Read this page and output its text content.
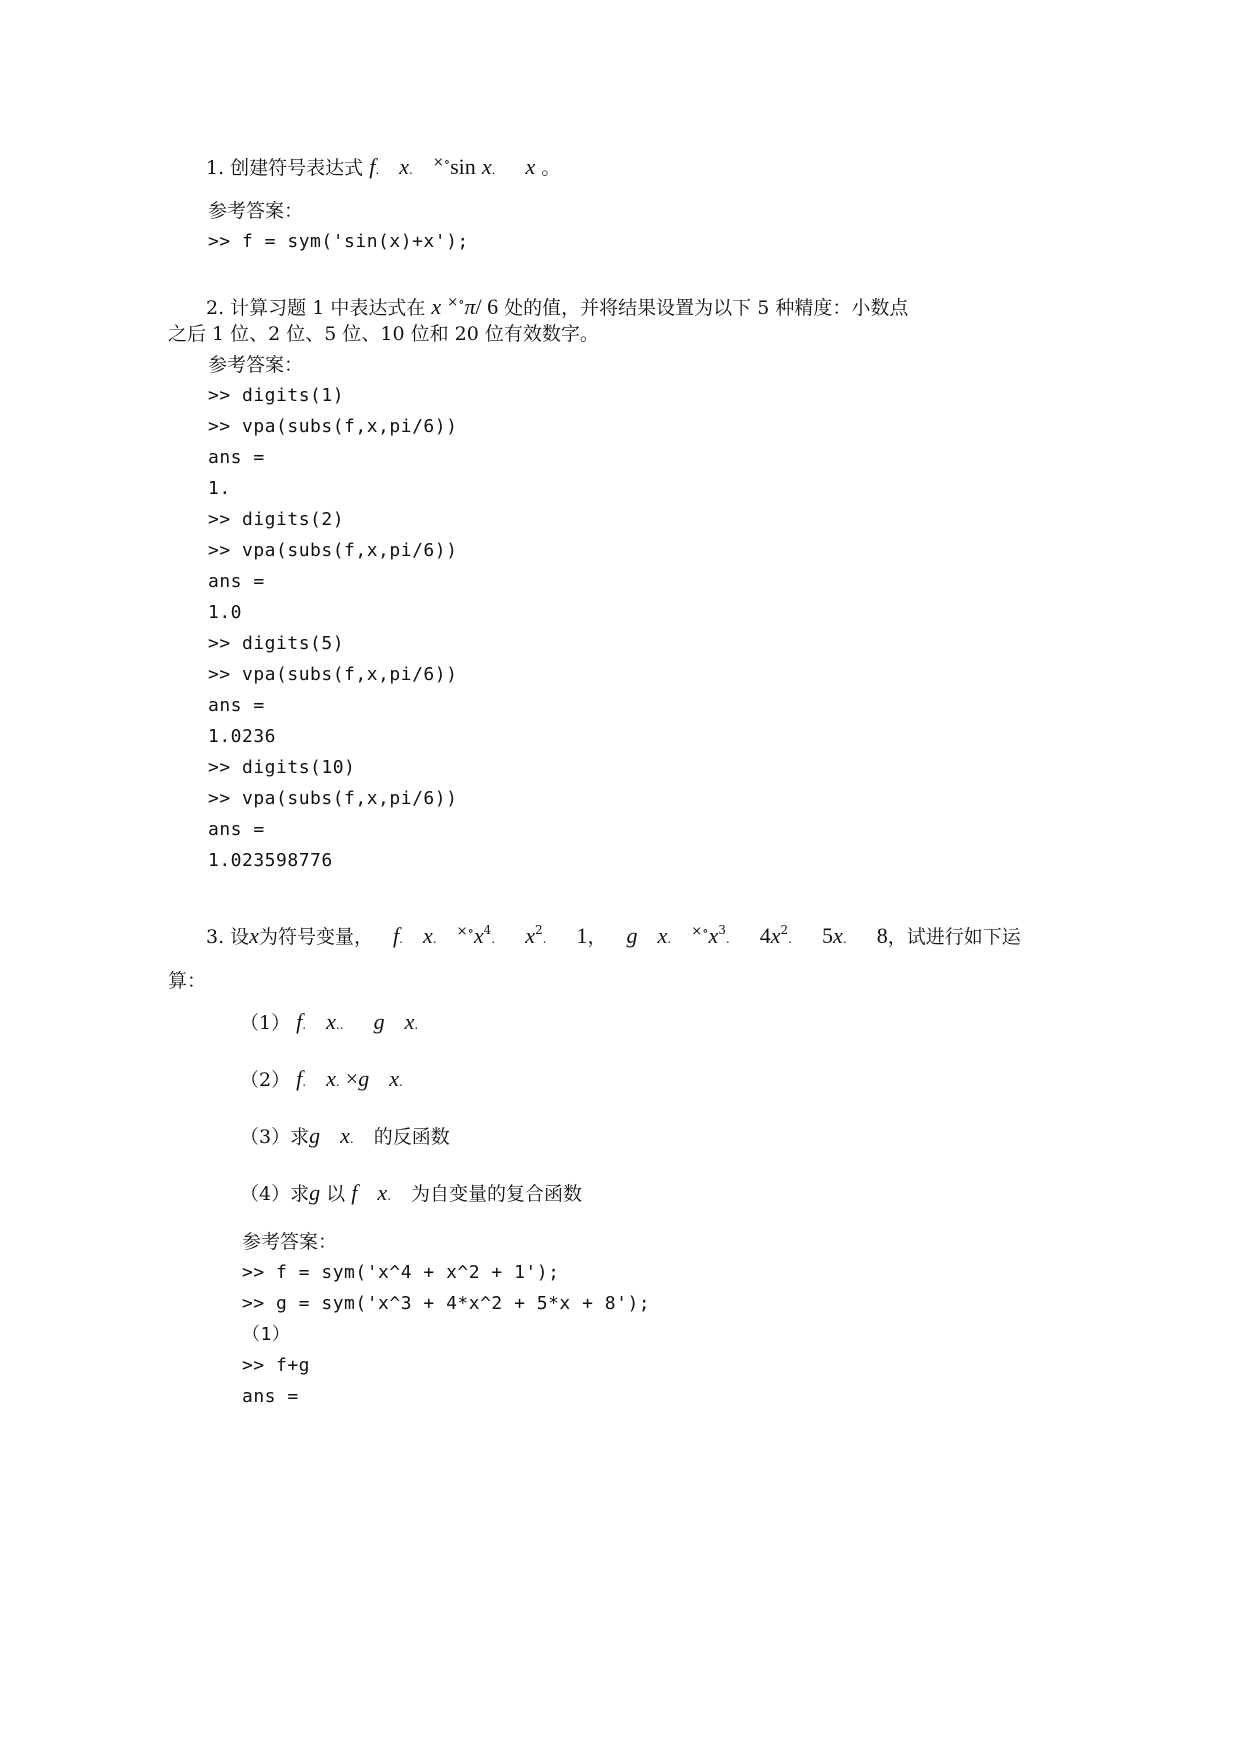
1. 创建符号表达式 f. x. ×∘sin x. x 。
参考答案：
>> f = sym('sin(x)+x');
2. 计算习题 1 中表达式在 x ×∘π/ 6 处的值，并将结果设置为以下 5 种精度：小数点
之后 1 位、2 位、5 位、10 位和 20 位有效数字。
参考答案：
>> digits(1)
>> vpa(subs(f,x,pi/6))
ans =
1.
>> digits(2)
>> vpa(subs(f,x,pi/6))
ans =
1.0
>> digits(5)
>> vpa(subs(f,x,pi/6))
ans =
1.0236
>> digits(10)
>> vpa(subs(f,x,pi/6))
ans =
1.023598776
3. 设x为符号变量， f. x. $^{\times\circ}x^4$. $x^2$. 1， g x. $^{\times\circ}x^3$. $4x^2$. 5x. 8，试进行如下运
算：
（1） f. x.. g x.
（2） f. x. ×g x.
（3）求g x. 的反函数
（4）求g 以 f x. 为自变量的复合函数
参考答案：
>> f = sym('x^4 + x^2 + 1');
>> g = sym('x^3 + 4*x^2 + 5*x + 8');
（1）
>> f+g
ans =
